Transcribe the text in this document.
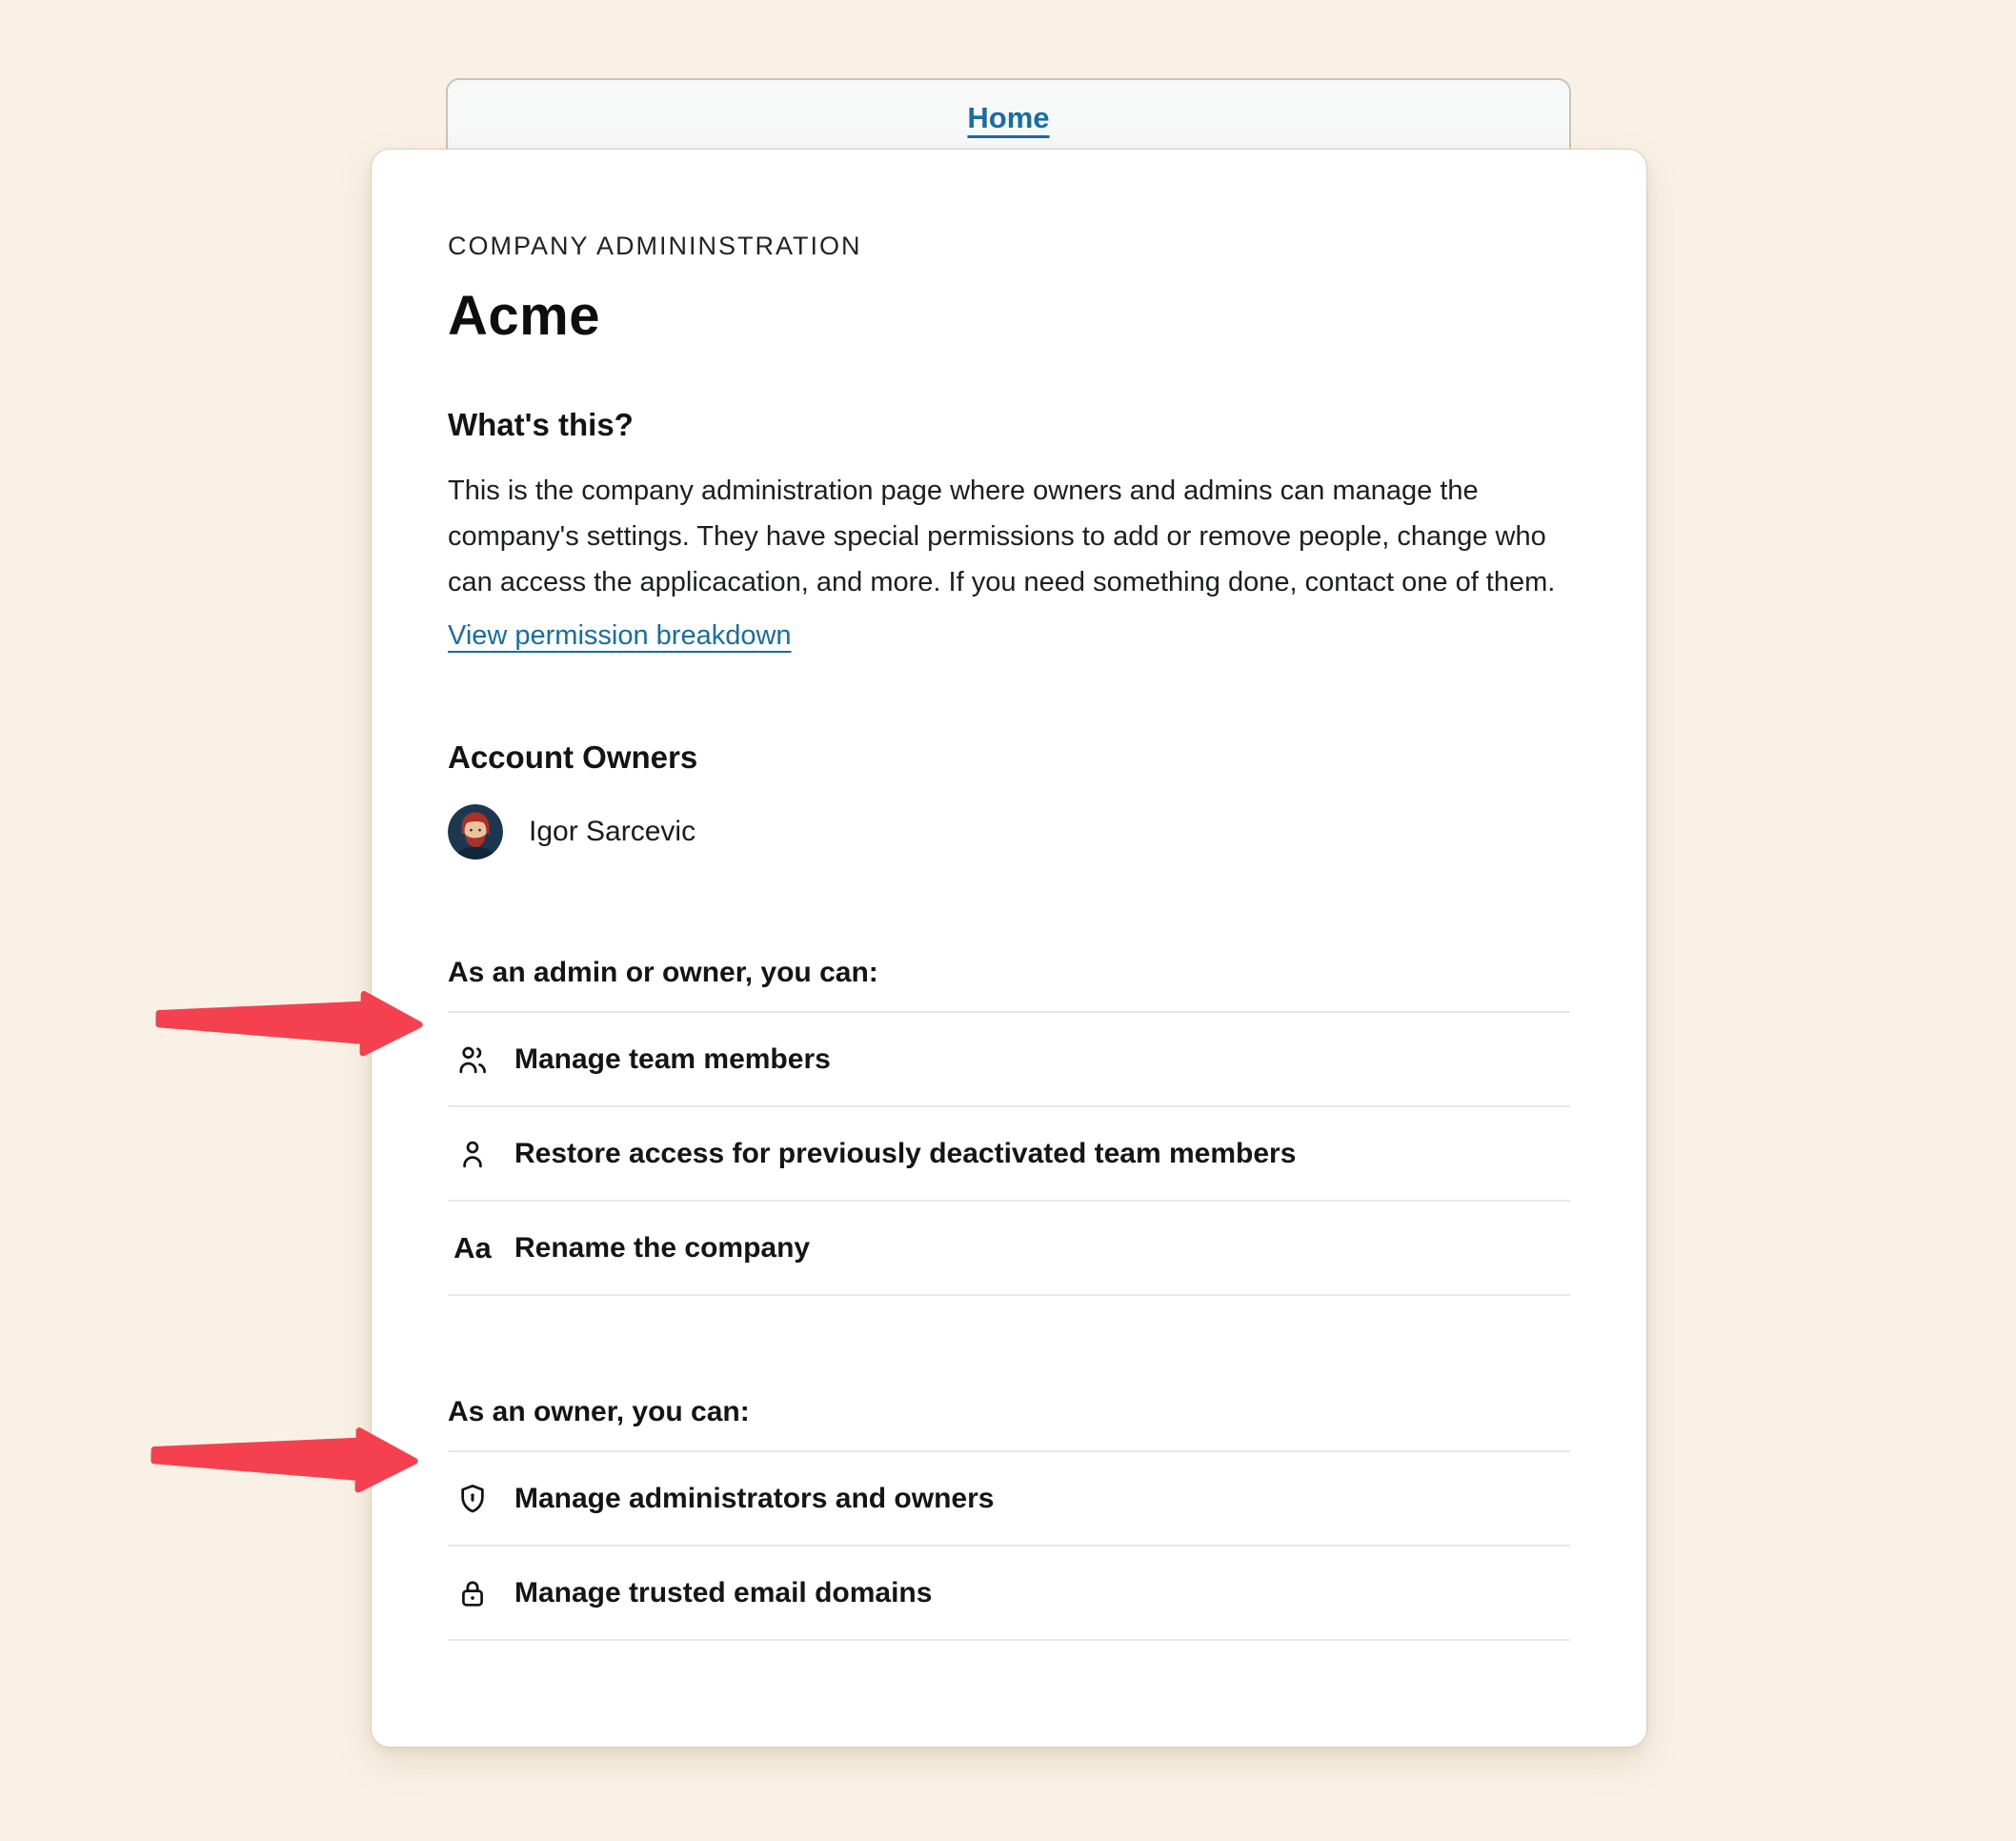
Home
COMPANY ADMININSTRATION
Acme
What's this?

This is the company administration page where owners and admins can manage the company's settings. They have special permissions to add or remove people, change who can access the applicacation, and more. If you need something done, contact one of them.

View permission breakdown
Account Owners
Igor Sarcevic
As an admin or owner, you can:
Manage team members
Restore access for previously deactivated team members
Aa Rename the company
As an owner, you can:
Manage administrators and owners
Manage trusted email domains
